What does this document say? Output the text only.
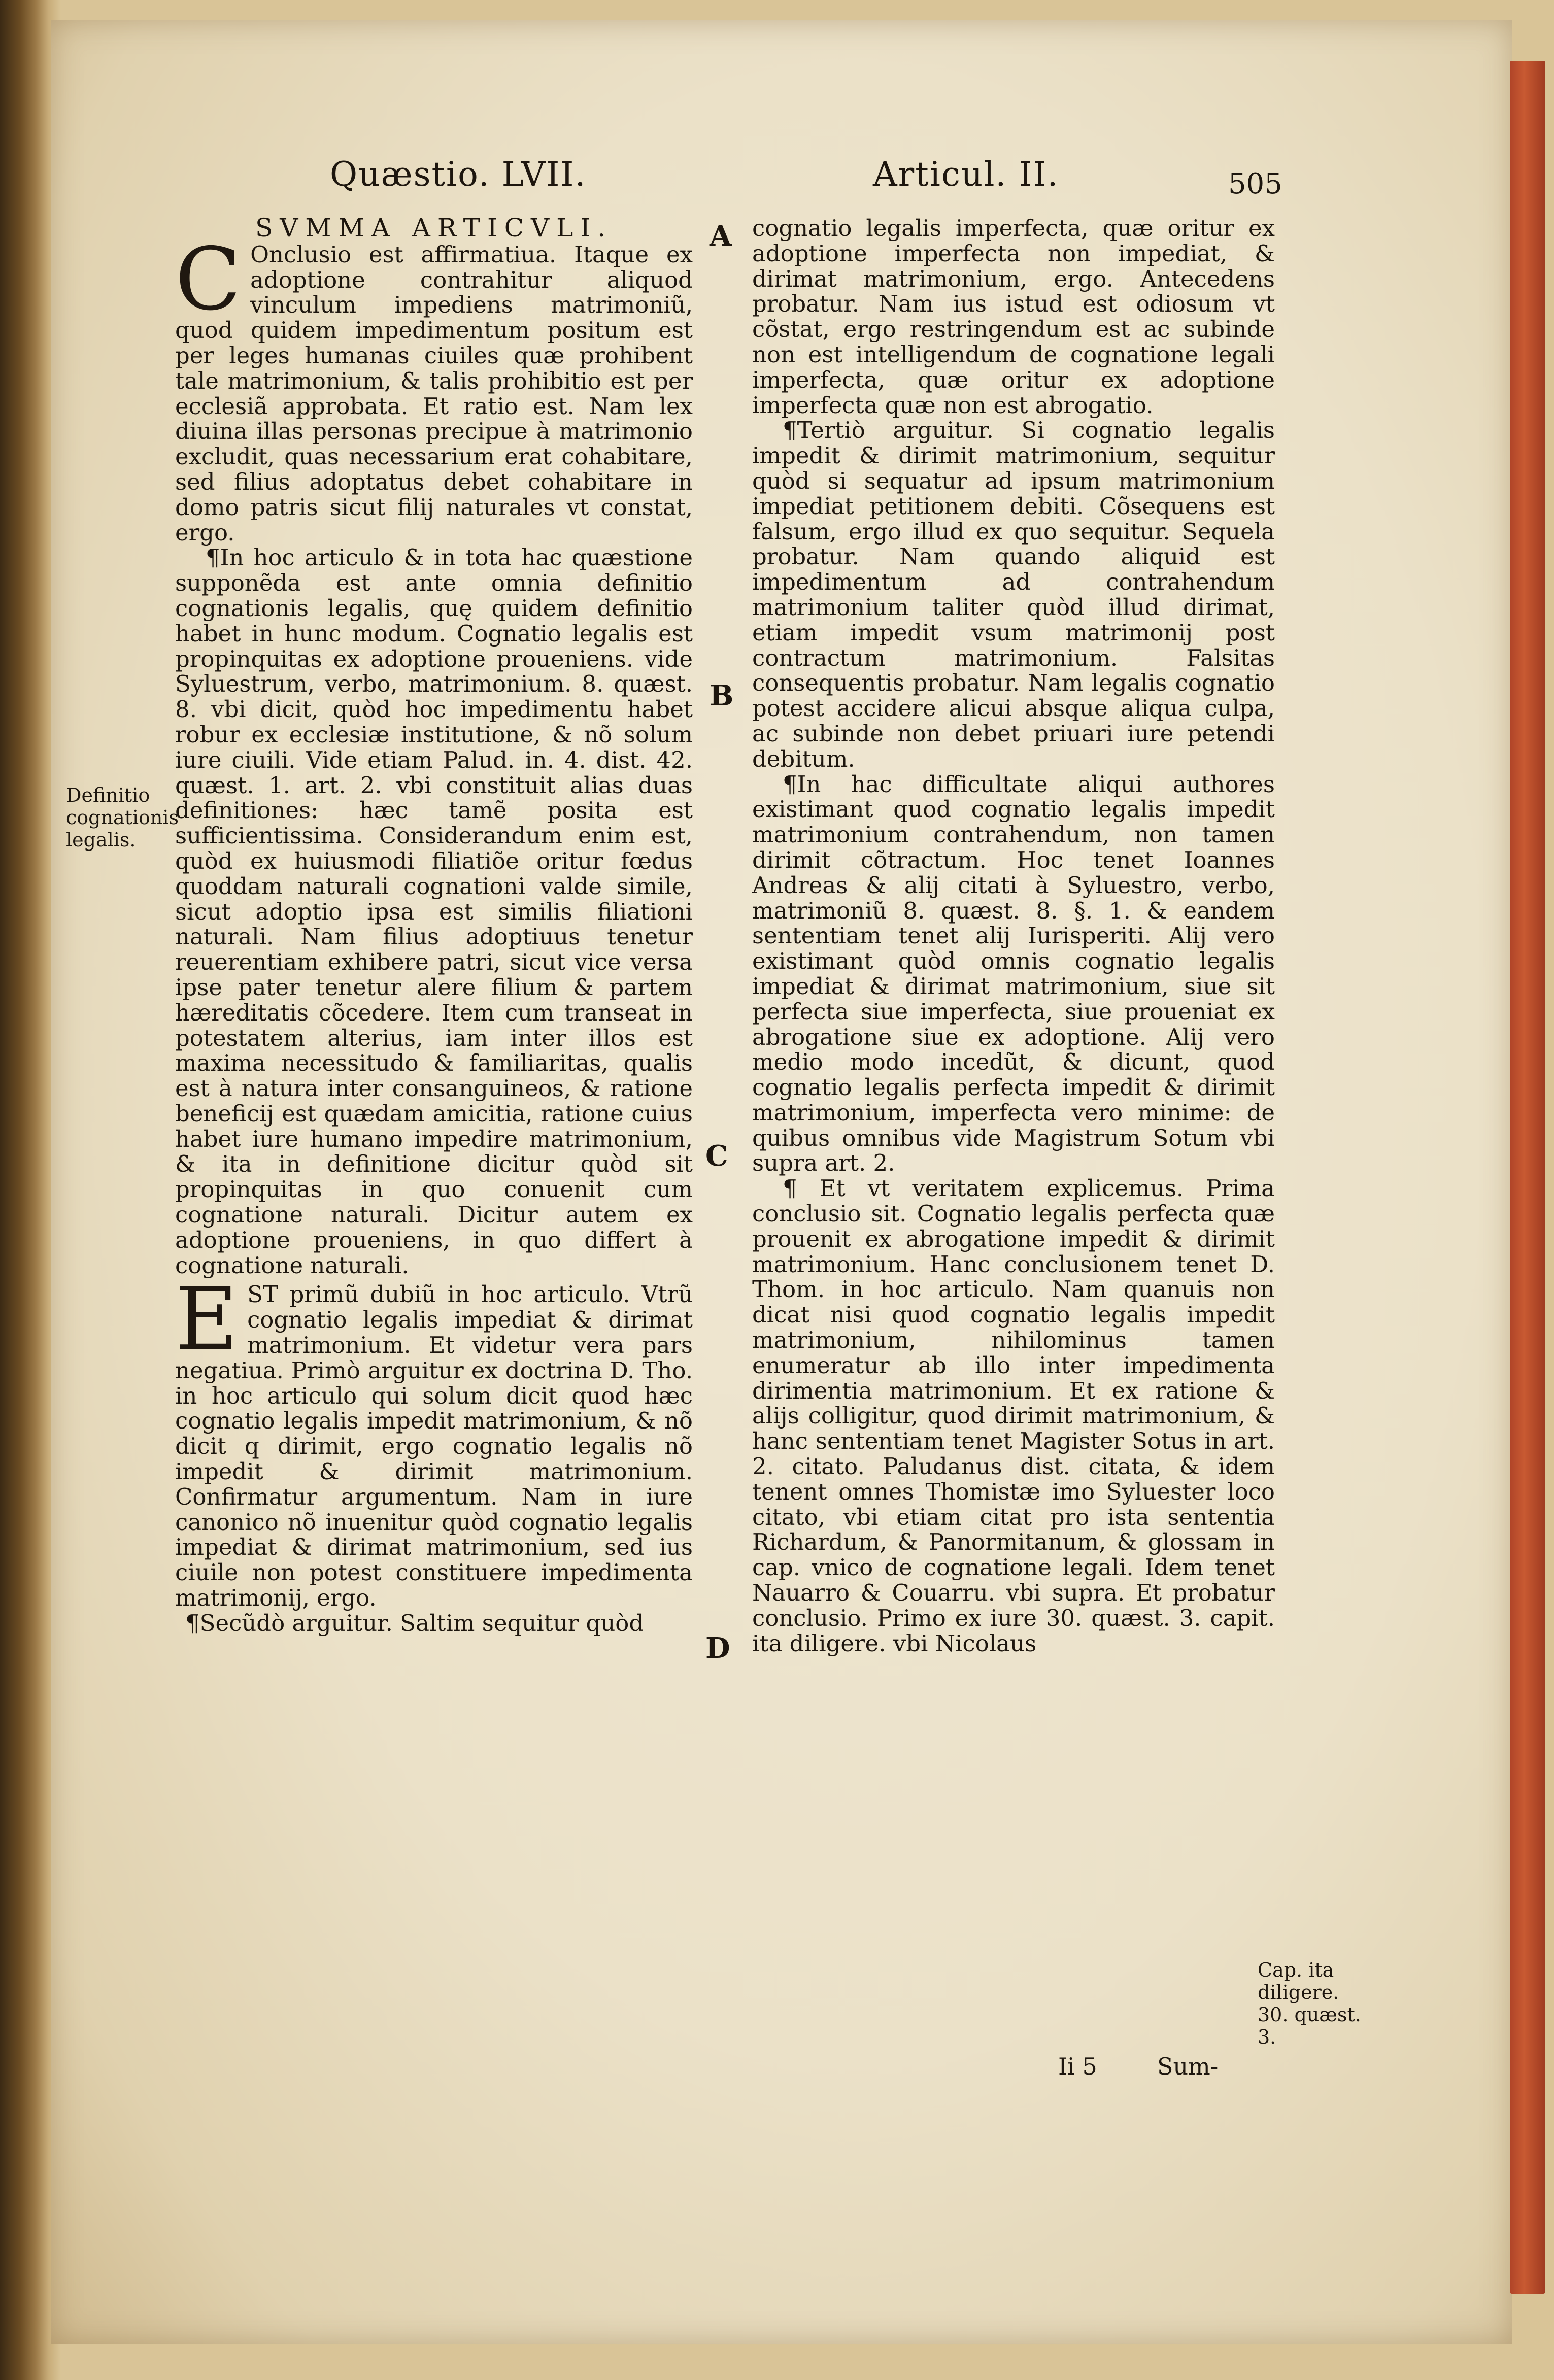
Quæstio. LVII.	Articul. II.	505
A
B
C
D
Definitio cognationis legalis.
Cap. ita diligere. 30. quæst. 3.
SVMMA ARTICVLI.

C Onclusio est affirmatiua. Itaque ex adoptione contrahitur aliquod vinculum impediens matrimoniũ, quod quidem impedimentum positum est per leges humanas ciuiles quæ prohibent tale matrimonium, & talis prohibitio est per ecclesiã approbata. Et ratio est. Nam lex diuina illas personas precipue à matrimonio excludit, quas necessarium erat cohabitare, sed filius adoptatus debet cohabitare in domo patris sicut filij naturales vt constat, ergo.

¶In hoc articulo & in tota hac quæstione supponẽda est ante omnia definitio cognationis legalis, quę quidem definitio habet in hunc modum. Cognatio legalis est propinquitas ex adoptione proueniens. vide Syluestrum, verbo, matrimonium. 8. quæst. 8. vbi dicit, quòd hoc impedimentu habet robur ex ecclesiæ institutione, & nõ solum iure ciuili. Vide etiam Palud. in. 4. dist. 42. quæst. 1. art. 2. vbi constituit alias duas definitiones: hæc tamẽ posita est sufficientissima. Considerandum enim est, quòd ex huiusmodi filiatiõe oritur fœdus quoddam naturali cognationi valde simile, sicut adoptio ipsa est similis filiationi naturali. Nam filius adoptiuus tenetur reuerentiam exhibere patri, sicut vice versa ipse pater tenetur alere filium & partem hæreditatis cõcedere. Item cum transeat in potestatem alterius, iam inter illos est maxima necessitudo & familiaritas, qualis est à natura inter consanguineos, & ratione beneficij est quædam amicitia, ratione cuius habet iure humano impedire matrimonium, & ita in definitione dicitur quòd sit propinquitas in quo conuenit cum cognatione naturali. Dicitur autem ex adoptione proueniens, in quo differt à cognatione naturali.

E ST primũ dubiũ in hoc articulo. Vtrũ cognatio legalis impediat & dirimat matrimonium. Et videtur vera pars negatiua. Primò arguitur ex doctrina D. Tho. in hoc articulo qui solum dicit quod hæc cognatio legalis impedit matrimonium, & nõ dicit q dirimit, ergo cognatio legalis nõ impedit & dirimit matrimonium. Confirmatur argumentum. Nam in iure canonico nõ inuenitur quòd cognatio legalis impediat & dirimat matrimonium, sed ius ciuile non potest constituere impedimenta matrimonij, ergo.

¶Secũdò arguitur. Saltim sequitur quòd

cognatio legalis imperfecta, quæ oritur ex adoptione imperfecta non impediat, & dirimat matrimonium, ergo. Antecedens probatur. Nam ius istud est odiosum vt cõstat, ergo restringendum est ac subinde non est intelligendum de cognatione legali imperfecta, quæ oritur ex adoptione imperfecta quæ non est abrogatio.

¶Tertiò arguitur. Si cognatio legalis impedit & dirimit matrimonium, sequitur quòd si sequatur ad ipsum matrimonium impediat petitionem debiti. Cõsequens est falsum, ergo illud ex quo sequitur. Sequela probatur. Nam quando aliquid est impedimentum ad contrahendum matrimonium taliter quòd illud dirimat, etiam impedit vsum matrimonij post contractum matrimonium. Falsitas consequentis probatur. Nam legalis cognatio potest accidere alicui absque aliqua culpa, ac subinde non debet priuari iure petendi debitum.

¶In hac difficultate aliqui authores existimant quod cognatio legalis impedit matrimonium contrahendum, non tamen dirimit cõtractum. Hoc tenet Ioannes Andreas & alij citati à Syluestro, verbo, matrimoniũ 8. quæst. 8. §. 1. & eandem sententiam tenet alij Iurisperiti. Alij vero existimant quòd omnis cognatio legalis impediat & dirimat matrimonium, siue sit perfecta siue imperfecta, siue proueniat ex abrogatione siue ex adoptione. Alij vero medio modo incedũt, & dicunt, quod cognatio legalis perfecta impedit & dirimit matrimonium, imperfecta vero minime: de quibus omnibus vide Magistrum Sotum vbi supra art. 2.

¶ Et vt veritatem explicemus. Prima conclusio sit. Cognatio legalis perfecta quæ prouenit ex abrogatione impedit & dirimit matrimonium. Hanc conclusionem tenet D. Thom. in hoc articulo. Nam quanuis non dicat nisi quod cognatio legalis impedit matrimonium, nihilominus tamen enumeratur ab illo inter impedimenta dirimentia matrimonium. Et ex ratione & alijs colligitur, quod dirimit matrimonium, & hanc sententiam tenet Magister Sotus in art. 2. citato. Paludanus dist. citata, & idem tenent omnes Thomistæ imo Syluester loco citato, vbi etiam citat pro ista sententia Richardum, & Panormitanum, & glossam in cap. vnico de cognatione legali. Idem tenet Nauarro & Couarru. vbi supra. Et probatur conclusio. Primo ex iure 30. quæst. 3. capit. ita diligere. vbi Nicolaus

Ii 5	Sum-
